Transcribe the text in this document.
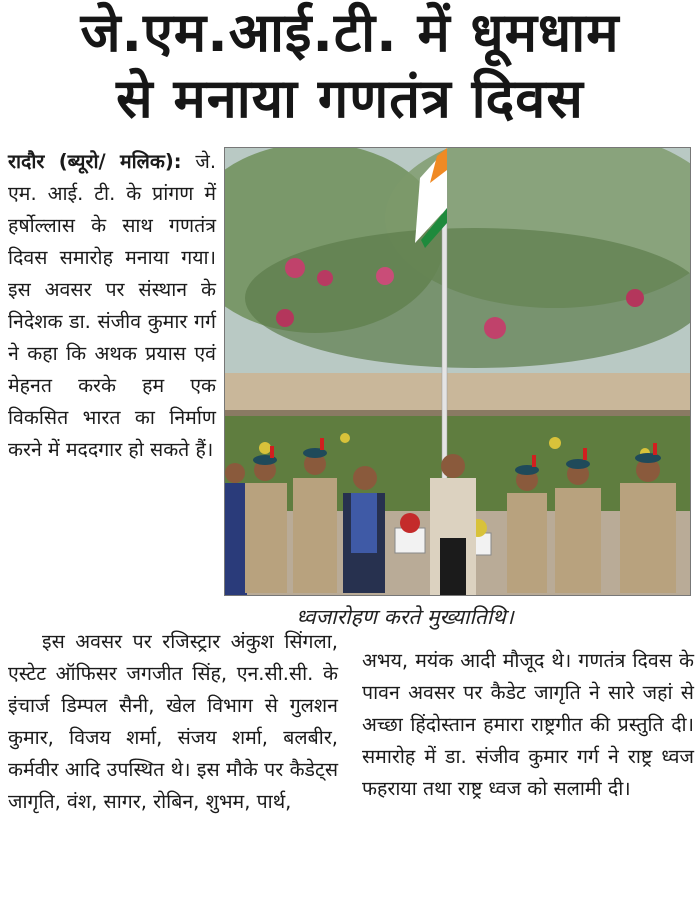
जे.एम.आई.टी. में धूमधाम
से मनाया गणतंत्र दिवस

रादौर (ब्यूरो/ मलिक): जे. एम. आई. टी. के प्रांगण में हर्षोल्लास के साथ गणतंत्र दिवस समारोह मनाया गया। इस अवसर पर संस्थान के निदेशक डा. संजीव कुमार गर्ग ने कहा कि अथक प्रयास एवं मेहनत करके हम एक विकसित भारत का निर्माण करने में मददगार हो सकते हैं।

ध्वजारोहण करते मुख्यातिथि।

इस अवसर पर रजिस्ट्रार अंकुश सिंगला, एस्टेट ऑफिसर जगजीत सिंह, एन.सी.सी. के इंचार्ज डिम्पल सैनी, खेल विभाग से गुलशन कुमार, विजय शर्मा, संजय शर्मा, बलबीर, कर्मवीर आदि उपस्थित थे। इस मौके पर कैडेट्स जागृति, वंश, सागर, रोबिन, शुभम, पार्थ,

अभय, मयंक आदी मौजूद थे। गणतंत्र दिवस के पावन अवसर पर कैडेट जागृति ने सारे जहां से अच्छा हिंदोस्तान हमारा राष्ट्रगीत की प्रस्तुति दी। समारोह में डा. संजीव कुमार गर्ग ने राष्ट्र ध्वज फहराया तथा राष्ट्र ध्वज को सलामी दी।
